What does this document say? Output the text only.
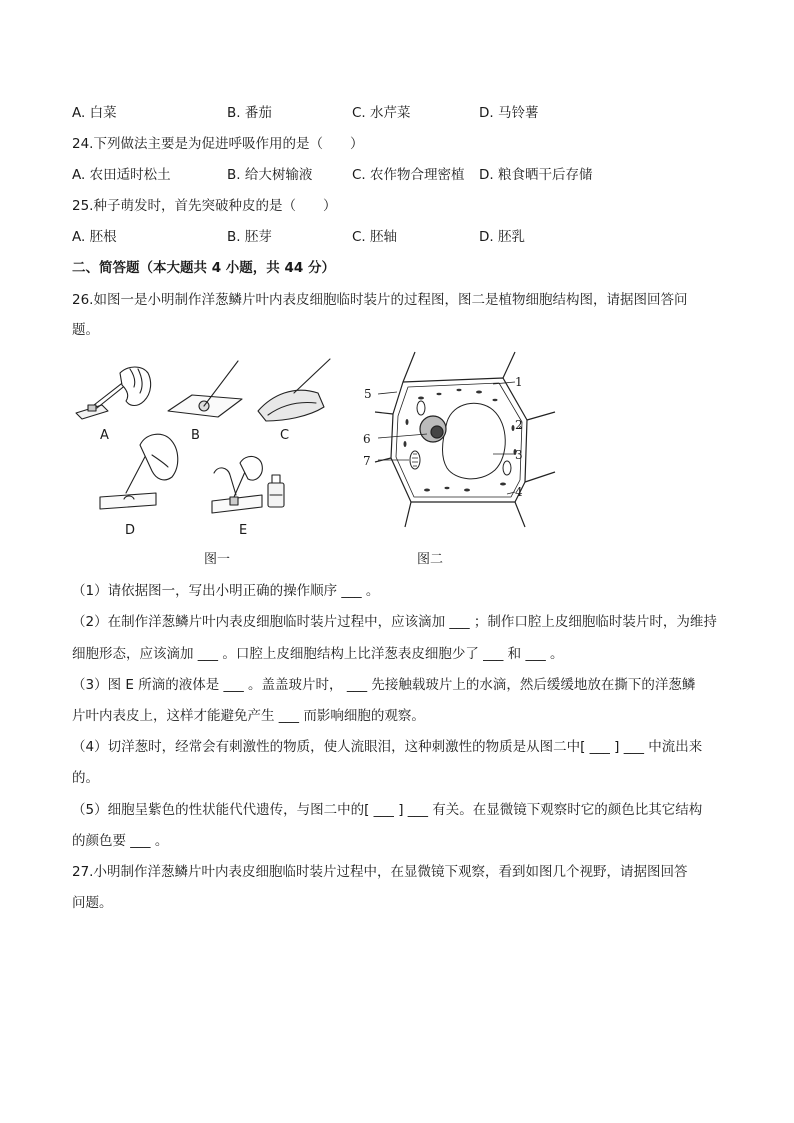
A. 白菜	B. 番茄	C. 水芹菜	D. 马铃薯
24.下列做法主要是为促进呼吸作用的是（　　）
A. 农田适时松土	B. 给大树输液	C. 农作物合理密植 D. 粮食晒干后存储
25.种子萌发时，首先突破种皮的是（　　）
A. 胚根	B. 胚芽	C. 胚轴	D. 胚乳
二、简答题（本大题共 4 小题，共 44 分）
26.如图一是小明制作洋葱鳞片叶内表皮细胞临时装片的过程图，图二是植物细胞结构图，请据图回答问
题。
A	B	C
D	E
图一
5
1
2
6
3
7
4
图二
（1）请依据图一，写出小明正确的操作顺序 ___ 。
（2）在制作洋葱鳞片叶内表皮细胞临时装片过程中，应该滴加 ___ ；制作口腔上皮细胞临时装片时，为维持
细胞形态，应该滴加 ___ 。口腔上皮细胞结构上比洋葱表皮细胞少了 ___ 和 ___ 。
（3）图 E 所滴的液体是 ___ 。盖盖玻片时， ___ 先接触载玻片上的水滴，然后缓缓地放在撕下的洋葱鳞
片叶内表皮上，这样才能避免产生 ___ 而影响细胞的观察。
（4）切洋葱时，经常会有刺激性的物质，使人流眼泪，这种刺激性的物质是从图二中[ ___ ] ___ 中流出来
的。
（5）细胞呈紫色的性状能代代遗传，与图二中的[ ___ ] ___ 有关。在显微镜下观察时它的颜色比其它结构
的颜色要 ___ 。
27.小明制作洋葱鳞片叶内表皮细胞临时装片过程中，在显微镜下观察，看到如图几个视野，请据图回答
问题。
